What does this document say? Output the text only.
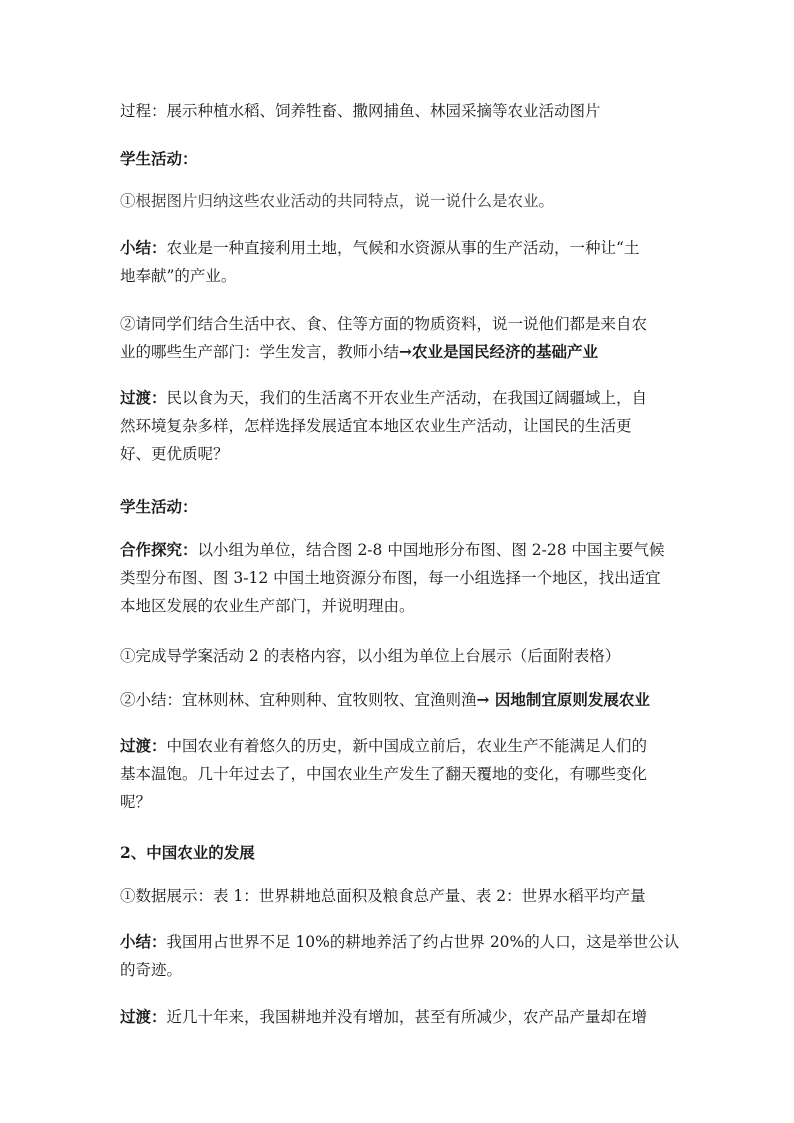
过程：展示种植水稻、饲养牲畜、撒网捕鱼、林园采摘等农业活动图片
学生活动：
①根据图片归纳这些农业活动的共同特点，说一说什么是农业。
小结：农业是一种直接利用土地，气候和水资源从事的生产活动，一种让“土
地奉献”的产业。
②请同学们结合生活中衣、食、住等方面的物质资料，说一说他们都是来自农
业的哪些生产部门：学生发言，教师小结→农业是国民经济的基础产业
过渡：民以食为天，我们的生活离不开农业生产活动，在我国辽阔疆域上，自
然环境复杂多样，怎样选择发展适宜本地区农业生产活动，让国民的生活更
好、更优质呢？
学生活动：
合作探究：以小组为单位，结合图 2-8 中国地形分布图、图 2-28 中国主要气候
类型分布图、图 3-12 中国土地资源分布图，每一小组选择一个地区，找出适宜
本地区发展的农业生产部门，并说明理由。
①完成导学案活动 2 的表格内容，以小组为单位上台展示（后面附表格）
②小结：宜林则林、宜种则种、宜牧则牧、宜渔则渔→ 因地制宜原则发展农业
过渡：中国农业有着悠久的历史，新中国成立前后，农业生产不能满足人们的
基本温饱。几十年过去了，中国农业生产发生了翻天覆地的变化，有哪些变化
呢？
2、中国农业的发展
①数据展示：表 1：世界耕地总面积及粮食总产量、表 2：世界水稻平均产量
小结：我国用占世界不足 10%的耕地养活了约占世界 20%的人口，这是举世公认
的奇迹。
过渡：近几十年来，我国耕地并没有增加，甚至有所减少，农产品产量却在增
